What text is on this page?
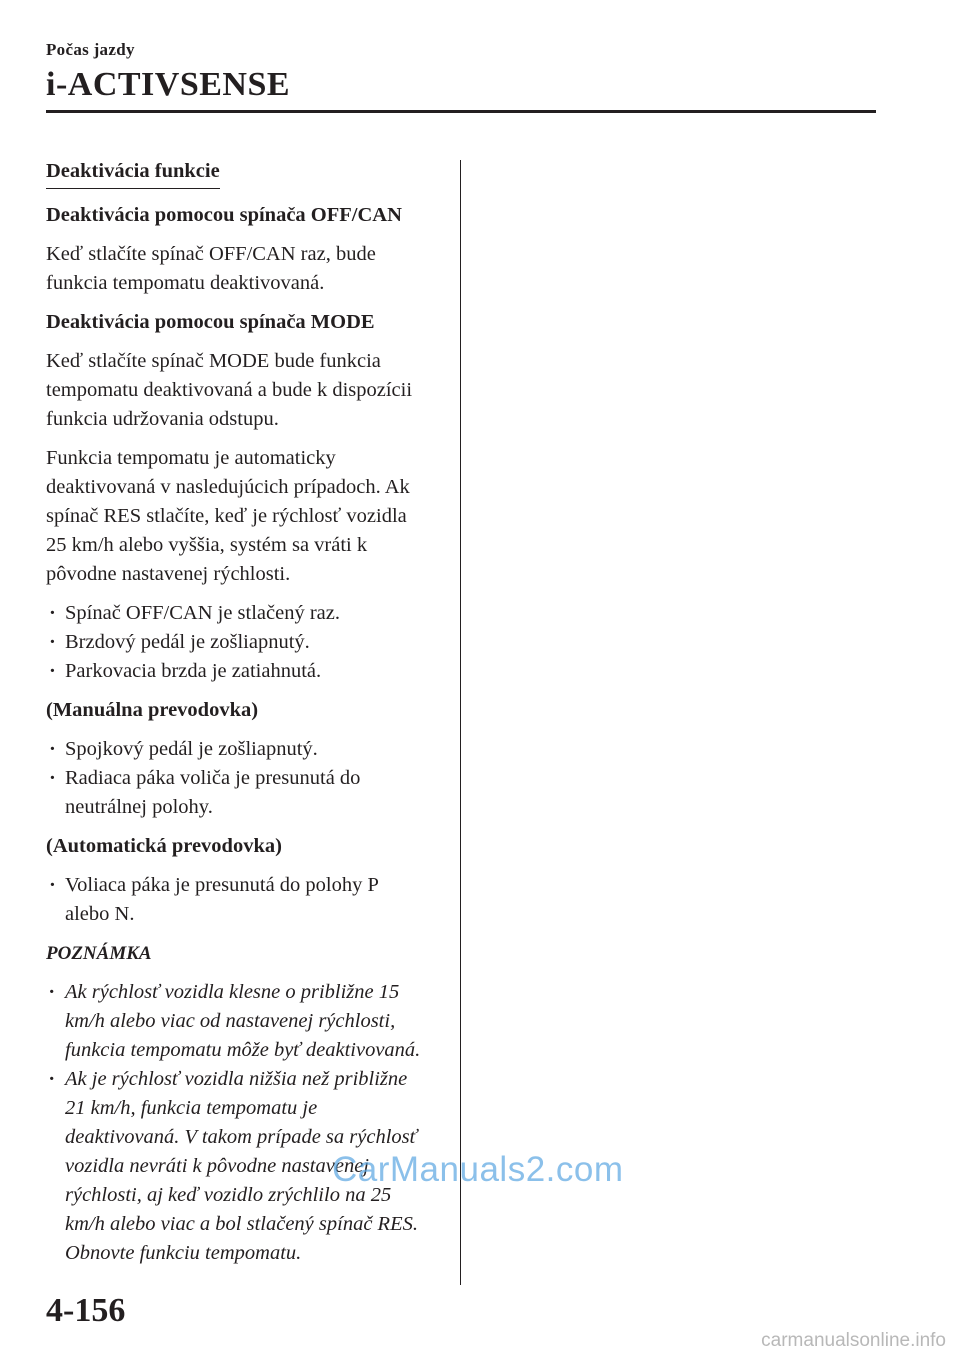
Počas jazdy
i-ACTIVSENSE
Deaktivácia funkcie
Deaktivácia pomocou spínača OFF/CAN

Keď stlačíte spínač OFF/CAN raz, bude funkcia tempomatu deaktivovaná.

Deaktivácia pomocou spínača MODE

Keď stlačíte spínač MODE bude funkcia tempomatu deaktivovaná a bude k dispozícii funkcia udržovania odstupu.

Funkcia tempomatu je automaticky deaktivovaná v nasledujúcich prípadoch. Ak spínač RES stlačíte, keď je rýchlosť vozidla 25 km/h alebo vyššia, systém sa vráti k pôvodne nastavenej rýchlosti.

· Spínač OFF/CAN je stlačený raz.
· Brzdový pedál je zošliapnutý.
· Parkovacia brzda je zatiahnutá.
(Manuálna prevodovka)
· Spojkový pedál je zošliapnutý.
· Radiaca páka voliča je presunutá do neutrálnej polohy.
(Automatická prevodovka)
· Voliaca páka je presunutá do polohy P alebo N.
POZNÁMKA
· Ak rýchlosť vozidla klesne o približne 15 km/h alebo viac od nastavenej rýchlosti, funkcia tempomatu môže byť deaktivovaná.
· Ak je rýchlosť vozidla nižšia než približne 21 km/h, funkcia tempomatu je deaktivovaná. V takom prípade sa rýchlosť vozidla nevráti k pôvodne nastavenej rýchlosti, aj keď vozidlo zrýchlilo na 25 km/h alebo viac a bol stlačený spínač RES. Obnovte funkciu tempomatu.
CarManuals2.com
4-156
carmanualsonline.info
